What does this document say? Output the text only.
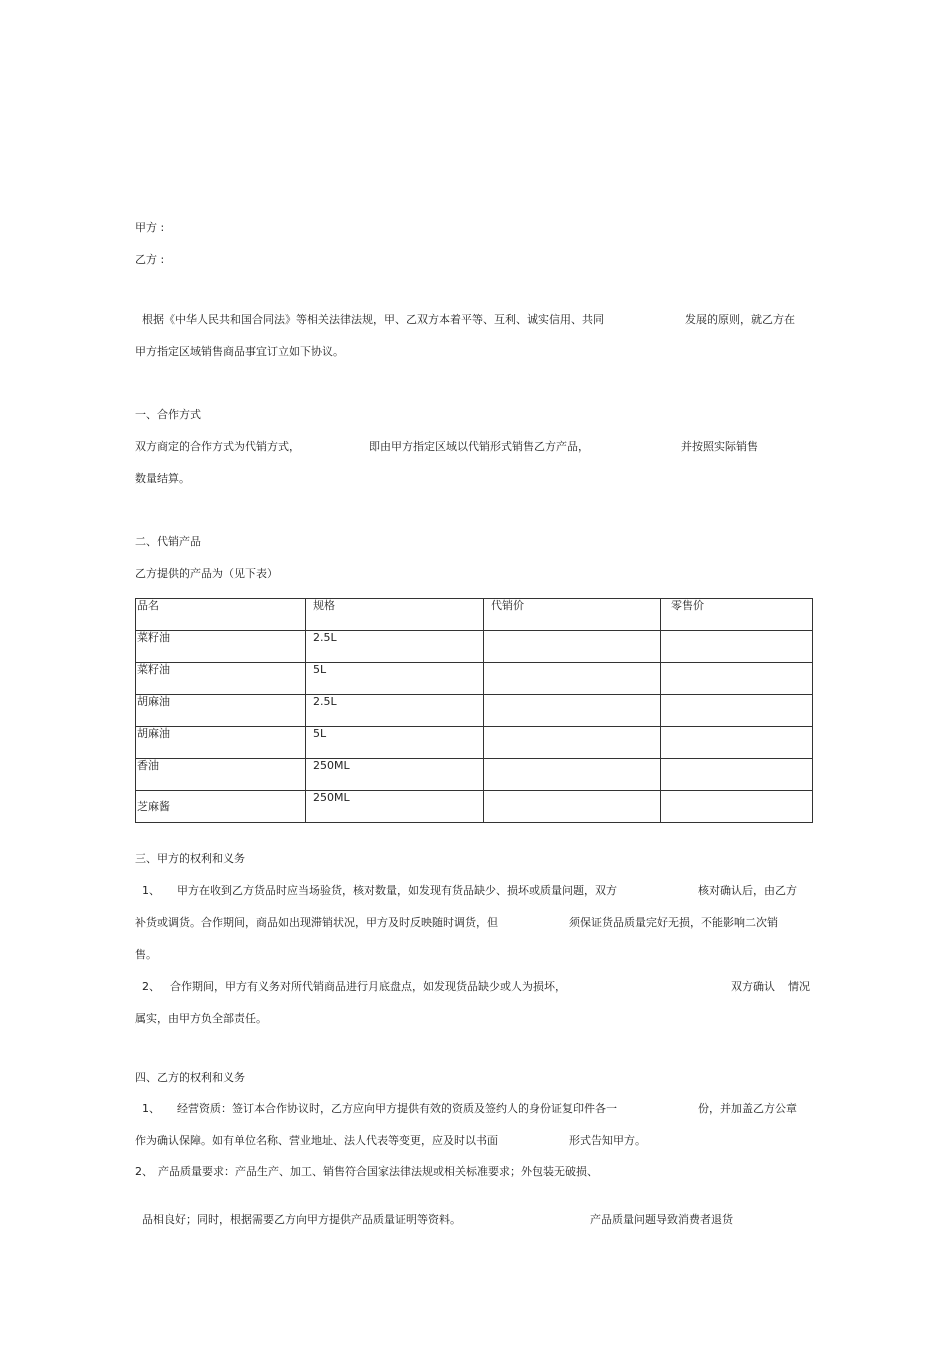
甲方 :
乙方 :
根据《中华人民共和国合同法》等相关法律法规，甲、乙双方本着平等、互利、诚实信用、共同	发展的原则，就乙方在
甲方指定区域销售商品事宜订立如下协议。
一、合作方式
双方商定的合作方式为代销方式，	即由甲方指定区域以代销形式销售乙方产品，	并按照实际销售
数量结算。
二、代销产品
乙方提供的产品为（见下表）
品名	规格	代销价	零售价
菜籽油	2.5L		
菜籽油	5L		
胡麻油	2.5L		
胡麻油	5L		
香油	250ML		
芝麻酱	250ML		
三、甲方的权利和义务
1、 甲方在收到乙方货品时应当场验货，核对数量，如发现有货品缺少、损坏或质量问题，双方	核对确认后，由乙方
补货或调货。合作期间，商品如出现滞销状况，甲方及时反映随时调货，但	须保证货品质量完好无损，不能影响二次销
售。
2、 合作期间，甲方有义务对所代销商品进行月底盘点，如发现货品缺少或人为损坏，	双方确认 情况
属实，由甲方负全部责任。
四、乙方的权利和义务
1、 经营资质：签订本合作协议时，乙方应向甲方提供有效的资质及签约人的身份证复印件各一	份，并加盖乙方公章
作为确认保障。如有单位名称、营业地址、法人代表等变更，应及时以书面	形式告知甲方。
2、 产品质量要求：产品生产、加工、销售符合国家法律法规或相关标准要求；外包装无破损、
品相良好；同时，根据需要乙方向甲方提供产品质量证明等资料。	产品质量问题导致消费者退货
